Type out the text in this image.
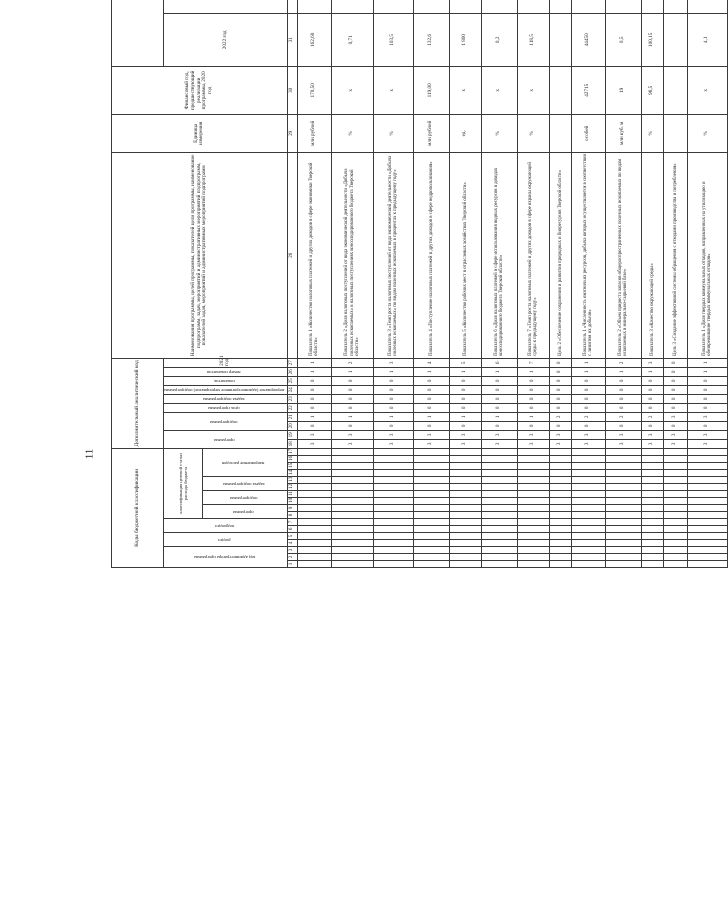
11
Коды бюджетной классификации																	Дополнительный аналитический код										Наименования программы, целей программы, показателей цели программы, наименование подпрограмм, задач, мероприятий и административных мероприятий подпрограмм, показателей задач, мероприятий и административных мероприятий подпрограмм	Единица измерения	Финансовый год, предшествующий реализации программы, 2020 год		
код администратора программы			раздел		подраздел		классификация целевой статьи расхода бюджета										программа		подпрограмма		цель программы	задача подпрограммы	мероприятие (административное мероприятие) подпрограммы	показатель	номер показателя	2021 год				2022 год				
							программа		подпрограмма		задача подпрограммы		направление расходов	
1	2	3	4	5	6	7	8	9	10	11	12	13	14	15	16	17	18	19	20	21	22	23	24	25	26	27	28	29	30	31						
																	3	3	0	1	0	0	0	0	1	1	Показатель 1 «Количество налоговых платежей и других доходов в сфере экономики Тверской области»	млн рублей	170,50	162,60						
																	3	3	0	1	0	0	0	0	1	2	Показатель 2 «Доля налоговых поступлений от вида экономической деятельности «Добыча полезных ископаемых» в налоговых поступлениях консолидированного бюджета Тверской области»	%	х	0,71						
																	3	3	0	1	0	0	0	0	1	3	Показатель 3 «Темп роста налоговых поступлений от вида экономической деятельности «Добыча полезных ископаемых» по видам полезных ископаемых в процентах к предыдущему году»	%	х	103,5						
																	3	3	0	1	0	0	0	0	1	4	Показатель 4 «Поступление налоговых платежей и других доходов в сфере недропользования»	млн рублей	119,00	132,6						
																	3	3	0	1	0	0	0	0	1	5	Показатель 5 «Количество рабочих мест в отраслевых хозяйствах Тверской области»	ед.	х	1 800						
																	3	3	0	1	0	0	0	0	1	6	Показатель 6 «Доля налоговых платежей в сфере использования водных ресурсов в доходах консолидированного бюджета Тверской области»	%	х	0,2						
																	3	3	0	1	0	0	0	0	1	7	Показатель 7 «Темп роста налоговых платежей и других доходов в сфере охраны окружающей среды к предыдущему году»	%	х	118,5						
																	3	3	0	2	0	0	0	0	0	0	Цель 2 «Обеспечение сохранения и развития природных и биоресурсов Тверской области»									
																	3	3	0	2	0	0	0	0	1	1	Показатель 1 «Численность охотничьих ресурсов, добыча которых осуществляется в соответствии с лимитом их добычи»	особей	42715	44450						
																	3	3	0	2	0	0	0	0	1	2	Показатель 2 «Объем прироста запасов общераспространенных полезных ископаемых по видам ископаемых в минерально-сырьевой базе»	млн куб. м	19	0,5						
																	3	3	0	2	0	0	0	0	1	3	Показатель 3 «Качество окружающей среды»	%	98,5	100,15						
																	3	3	0	3	0	0	0	0	0	0	Цель 3 «Создание эффективной системы обращения с отходами производства и потребления»									
																	3	3	0	3	0	0	0	0	1	1	Показатель 1 «Доля твердых коммунальных отходов, направленных на утилизацию и обезвреживание твердых коммунальных отходов»	%	х	4,1						
